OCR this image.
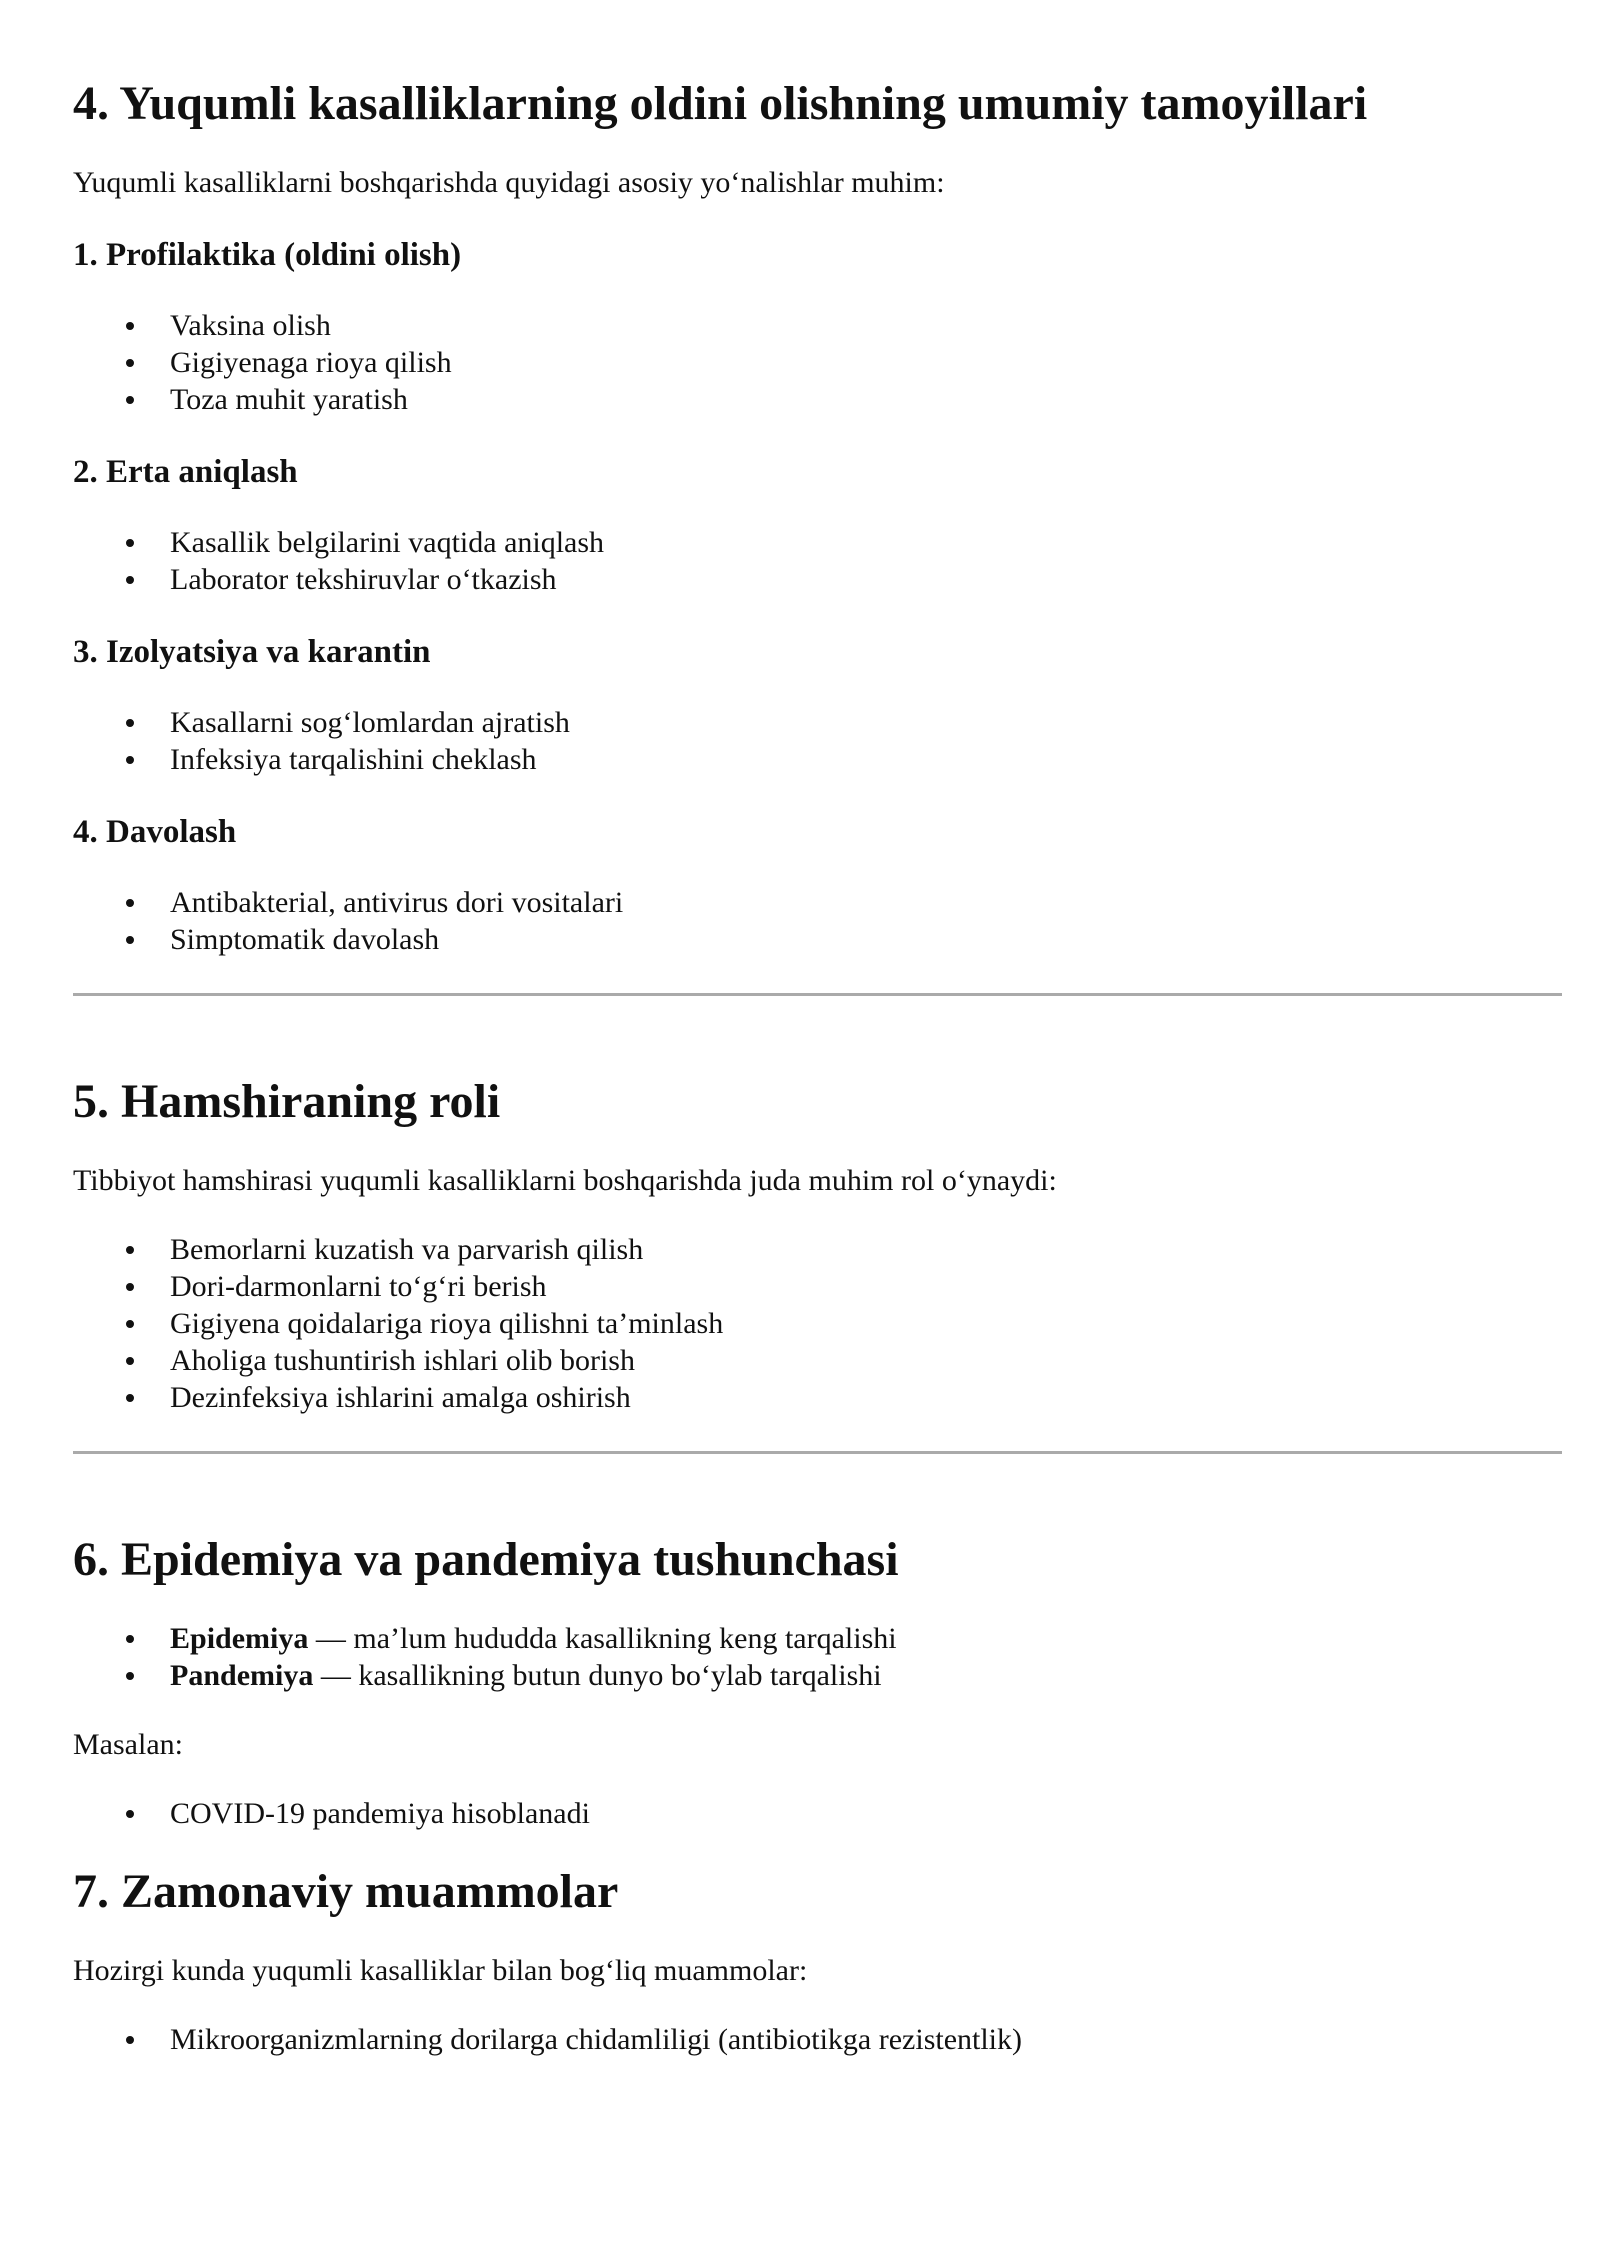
4. Yuqumli kasalliklarning oldini olishning umumiy tamoyillari

Yuqumli kasalliklarni boshqarishda quyidagi asosiy yo‘nalishlar muhim:

1. Profilaktika (oldini olish)
Vaksina olish
Gigiyenaga rioya qilish
Toza muhit yaratish
2. Erta aniqlash
Kasallik belgilarini vaqtida aniqlash
Laborator tekshiruvlar o‘tkazish
3. Izolyatsiya va karantin
Kasallarni sog‘lomlardan ajratish
Infeksiya tarqalishini cheklash
4. Davolash
Antibakterial, antivirus dori vositalari
Simptomatik davolash
5. Hamshiraning roli

Tibbiyot hamshirasi yuqumli kasalliklarni boshqarishda juda muhim rol o‘ynaydi:

Bemorlarni kuzatish va parvarish qilish
Dori-darmonlarni to‘g‘ri berish
Gigiyena qoidalariga rioya qilishni ta’minlash
Aholiga tushuntirish ishlari olib borish
Dezinfeksiya ishlarini amalga oshirish
6. Epidemiya va pandemiya tushunchasi
Epidemiya — ma’lum hududda kasallikning keng tarqalishi
Pandemiya — kasallikning butun dunyo bo‘ylab tarqalishi

Masalan:

COVID-19 pandemiya hisoblanadi
7. Zamonaviy muammolar

Hozirgi kunda yuqumli kasalliklar bilan bog‘liq muammolar:

Mikroorganizmlarning dorilarga chidamliligi (antibiotikga rezistentlik)
